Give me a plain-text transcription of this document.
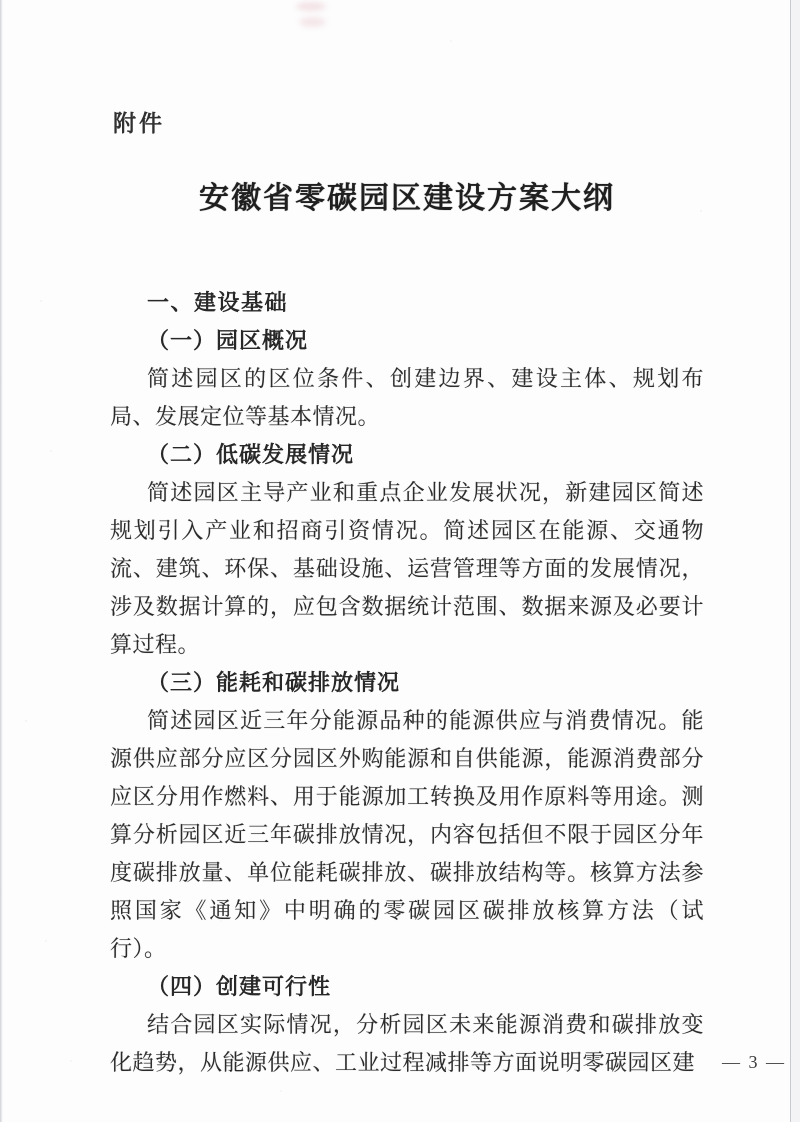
附件
安徽省零碳园区建设方案大纲
一、建设基础
（一）园区概况
简述园区的区位条件、创建边界、建设主体、规划布局、发展定位等基本情况。
（二）低碳发展情况
简述园区主导产业和重点企业发展状况，新建园区简述规划引入产业和招商引资情况。简述园区在能源、交通物流、建筑、环保、基础设施、运营管理等方面的发展情况，涉及数据计算的，应包含数据统计范围、数据来源及必要计算过程。
（三）能耗和碳排放情况
简述园区近三年分能源品种的能源供应与消费情况。能源供应部分应区分园区外购能源和自供能源，能源消费部分应区分用作燃料、用于能源加工转换及用作原料等用途。测算分析园区近三年碳排放情况，内容包括但不限于园区分年度碳排放量、单位能耗碳排放、碳排放结构等。核算方法参照国家《通知》中明确的零碳园区碳排放核算方法（试行）。
（四）创建可行性
结合园区实际情况，分析园区未来能源消费和碳排放变化趋势，从能源供应、工业过程减排等方面说明零碳园区建	— 3 —
